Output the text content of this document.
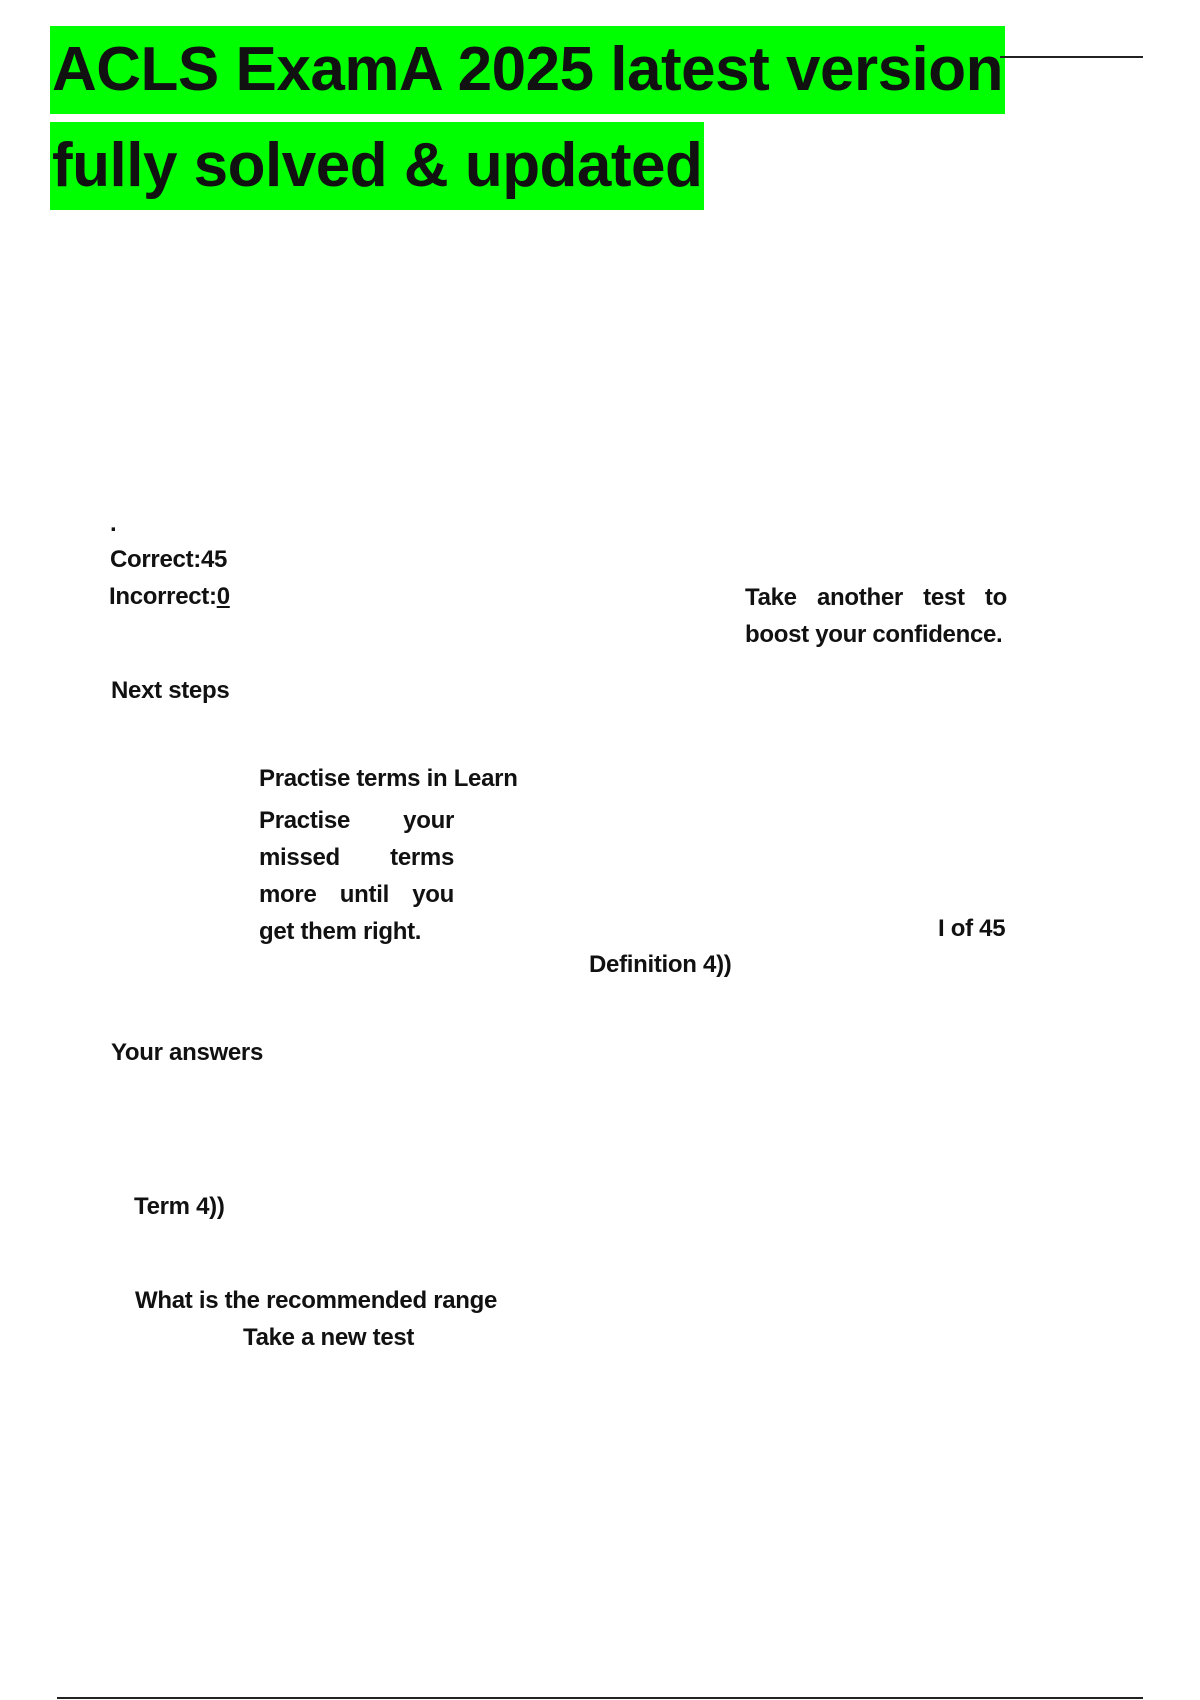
ACLS ExamA 2025 latest version
fully solved & updated
.
Correct:45
Incorrect:0	Take another test to boost your confidence.
Next steps
Practise terms in Learn
Practise your missed terms more until you get them right.	I of 45
Definition 4))
Your answers
Term 4))
What is the recommended range
Take a new test
